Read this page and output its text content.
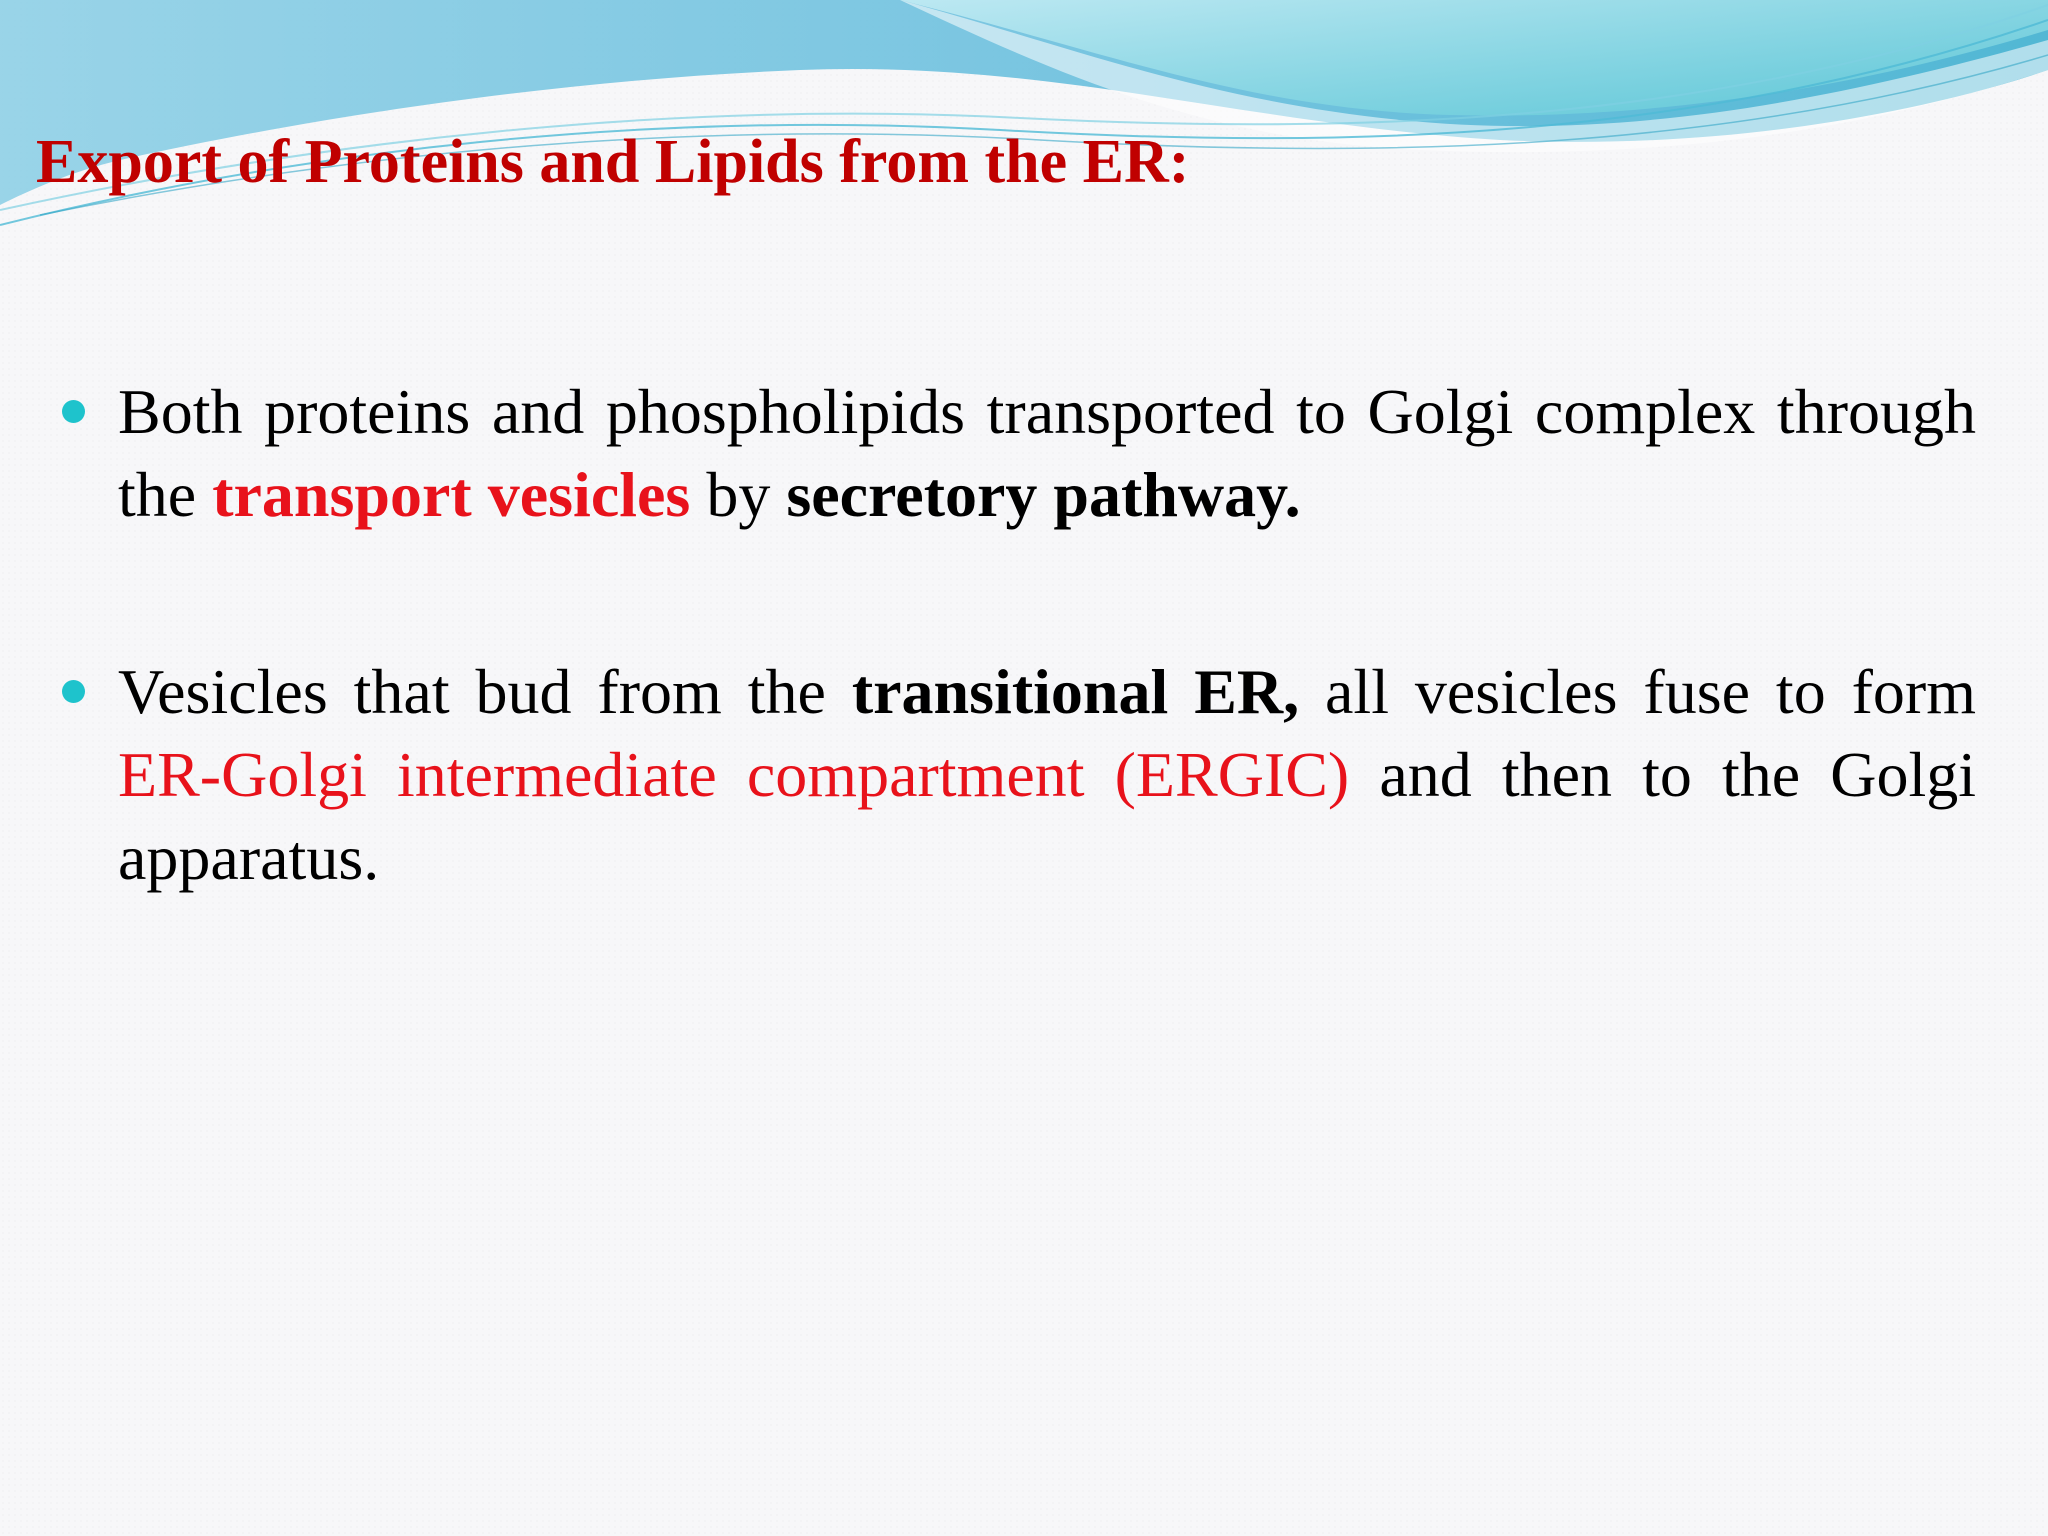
Export of Proteins and Lipids from the ER:
Both proteins and phospholipids transported to Golgi complex through the transport vesicles by secretory pathway.
Vesicles that bud from the transitional ER, all vesicles fuse to form ER-Golgi intermediate compartment (ERGIC) and then to the Golgi apparatus.
